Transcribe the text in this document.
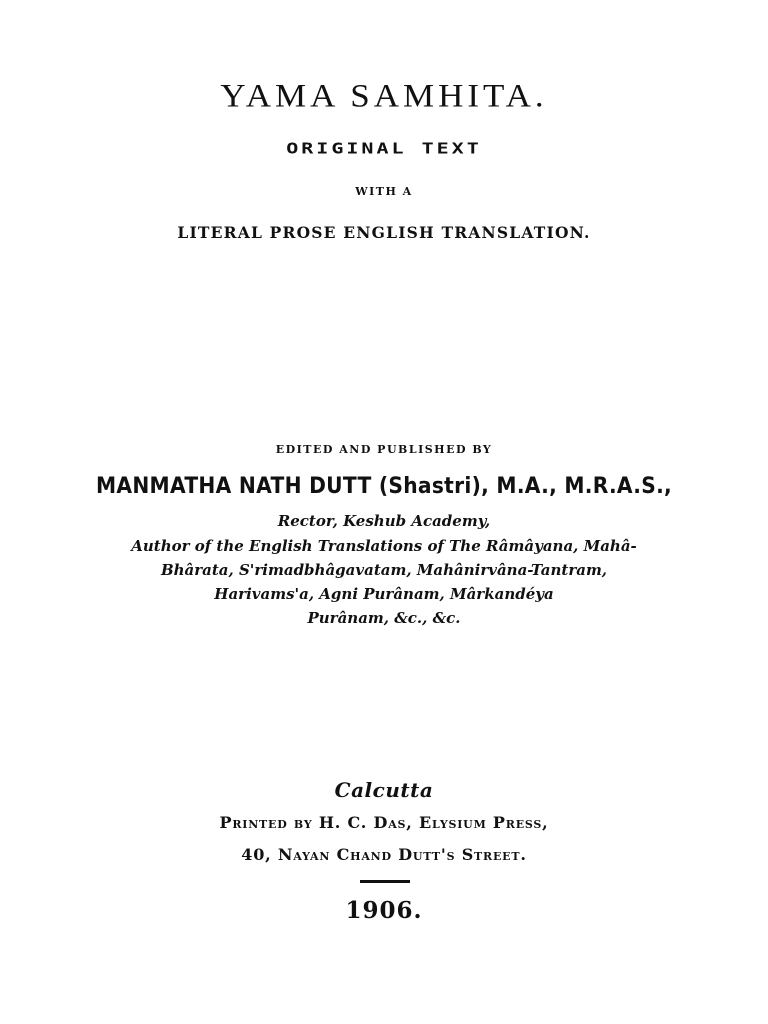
YAMA SAMHITA.
ORIGINAL TEXT
WITH A
LITERAL PROSE ENGLISH TRANSLATION.
EDITED AND PUBLISHED BY
MANMATHA NATH DUTT (Shastri), M.A., M.R.A.S.,
Rector, Keshub Academy,
Author of the English Translations of The Râmâyana, Mahâ-
Bhârata, S'rimadbhâgavatam, Mahânirvâna-Tantram,
Harivams'a, Agni Purânam, Mârkandéya
Purânam, &c., &c.
Calcutta
Printed by H. C. Das, Elysium Press,
40, Nayan Chand Dutt's Street.
1906.
